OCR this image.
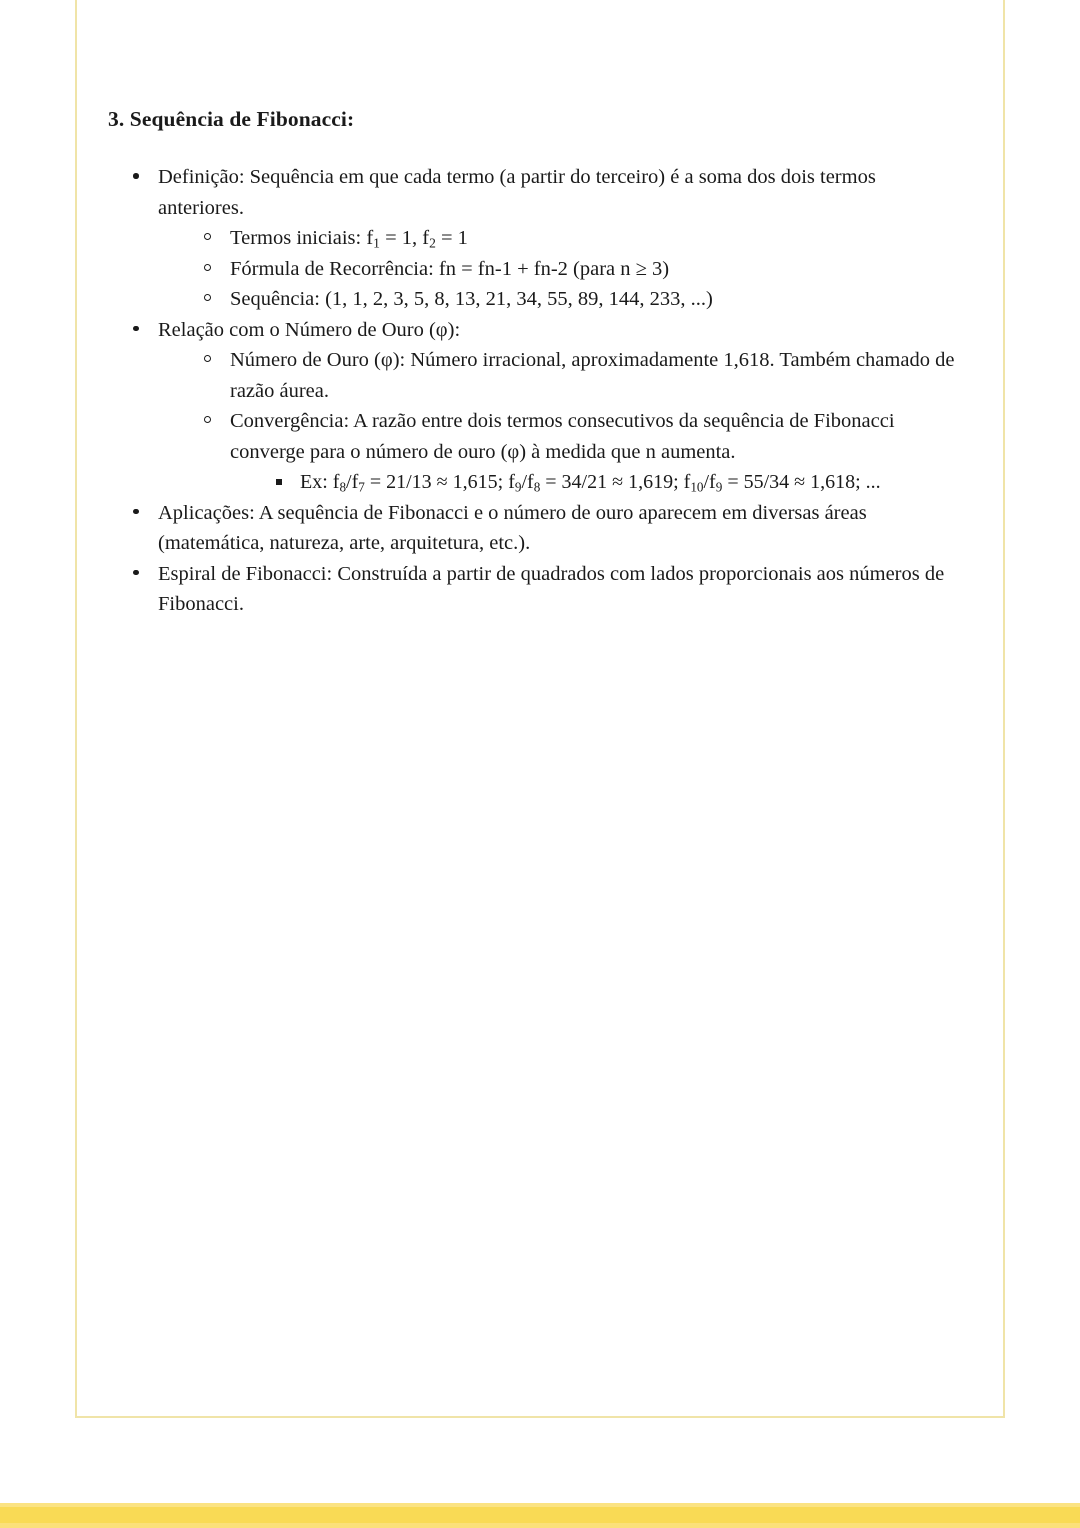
3. Sequência de Fibonacci:
Definição: Sequência em que cada termo (a partir do terceiro) é a soma dos dois termos anteriores.
Termos iniciais: $f_1 = 1$, $f_2 = 1$
Fórmula de Recorrência: fn = fn-1 + fn-2 (para n ≥ 3)
Sequência: (1, 1, 2, 3, 5, 8, 13, 21, 34, 55, 89, 144, 233, ...)
Relação com o Número de Ouro (φ):
Número de Ouro (φ): Número irracional, aproximadamente 1,618. Também chamado de razão áurea.
Convergência: A razão entre dois termos consecutivos da sequência de Fibonacci converge para o número de ouro (φ) à medida que n aumenta.
Ex: $f_8/f_7 = 21/13 \approx 1,615$; $f_9/f_8 = 34/21 \approx 1,619$; $f_{10}/f_9 = 55/34 \approx 1,618$; ...
Aplicações: A sequência de Fibonacci e o número de ouro aparecem em diversas áreas (matemática, natureza, arte, arquitetura, etc.).
Espiral de Fibonacci: Construída a partir de quadrados com lados proporcionais aos números de Fibonacci.
